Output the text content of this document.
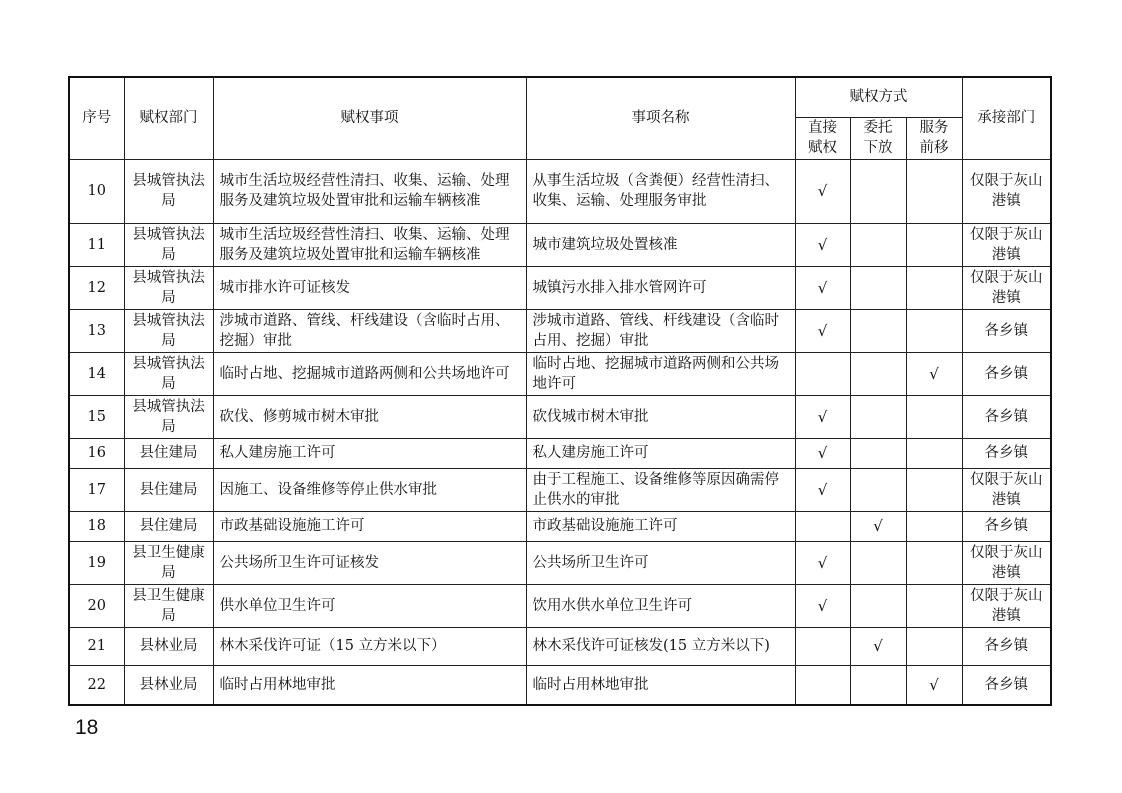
序号	赋权部门	赋权事项	事项名称	赋权方式			承接部门
				直接赋权	委托下放	服务前移	
10	县城管执法局	城市生活垃圾经营性清扫、收集、运输、处理服务及建筑垃圾处置审批和运输车辆核准	从事生活垃圾（含粪便）经营性清扫、收集、运输、处理服务审批	√			仅限于灰山港镇
11	县城管执法局	城市生活垃圾经营性清扫、收集、运输、处理服务及建筑垃圾处置审批和运输车辆核准	城市建筑垃圾处置核准	√			仅限于灰山港镇
12	县城管执法局	城市排水许可证核发	城镇污水排入排水管网许可	√			仅限于灰山港镇
13	县城管执法局	涉城市道路、管线、杆线建设（含临时占用、挖掘）审批	涉城市道路、管线、杆线建设（含临时占用、挖掘）审批	√			各乡镇
14	县城管执法局	临时占地、挖掘城市道路两侧和公共场地许可	临时占地、挖掘城市道路两侧和公共场地许可			√	各乡镇
15	县城管执法局	砍伐、修剪城市树木审批	砍伐城市树木审批	√			各乡镇
16	县住建局	私人建房施工许可	私人建房施工许可	√			各乡镇
17	县住建局	因施工、设备维修等停止供水审批	由于工程施工、设备维修等原因确需停止供水的审批	√			仅限于灰山港镇
18	县住建局	市政基础设施施工许可	市政基础设施施工许可		√		各乡镇
19	县卫生健康局	公共场所卫生许可证核发	公共场所卫生许可	√			仅限于灰山港镇
20	县卫生健康局	供水单位卫生许可	饮用水供水单位卫生许可	√			仅限于灰山港镇
21	县林业局	林木采伐许可证（15 立方米以下）	林木采伐许可证核发(15 立方米以下)		√		各乡镇
22	县林业局	临时占用林地审批	临时占用林地审批			√	各乡镇
18
